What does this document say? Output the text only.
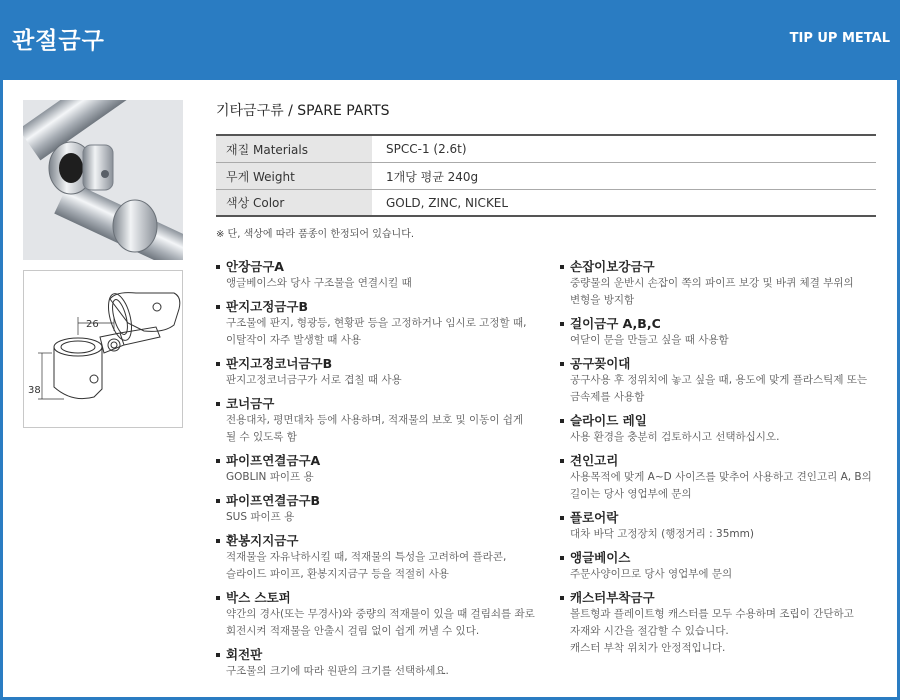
관절금구	TIP UP METAL
26
38
기타금구류 / SPARE PARTS
재질 Materials	SPCC-1 (2.6t)
무게 Weight	1개당 평균 240g
색상 Color	GOLD, ZINC, NICKEL
※ 단, 색상에 따라 품종이 한정되어 있습니다.
안장금구A
앵글베이스와 당사 구조물을 연결시킬 때
판지고정금구B
구조물에 판지, 형광등, 현황판 등을 고정하거나 임시로 고정할 때,
이탈작이 자주 발생할 때 사용
판지고정코너금구B
판지고정코너금구가 서로 겹칠 때 사용
코너금구
전용대차, 평면대차 등에 사용하며, 적재물의 보호 및 이동이 쉽게
될 수 있도록 함
파이프연결금구A
GOBLIN 파이프 용
파이프연결금구B
SUS 파이프 용
환봉지지금구
적재물을 자유낙하시킬 때, 적재물의 특성을 고려하여 플라콘,
슬라이드 파이프, 환봉지지금구 등을 적절히 사용
박스 스토퍼
약간의 경사(또는 무경사)와 중량의 적재물이 있을 때 걸림쇠를 좌로
회전시켜 적재물을 안출시 걸림 없이 쉽게 꺼낼 수 있다.
회전판
구조물의 크기에 따라 원판의 크기를 선택하세요.
손잡이보강금구
중량물의 운반시 손잡이 쪽의 파이프 보강 및 바퀴 체결 부위의
변형을 방지함
걸이금구 A,B,C
여닫이 문을 만들고 싶을 때 사용함
공구꽂이대
공구사용 후 정위치에 놓고 싶을 때, 용도에 맞게 플라스틱제 또는
금속제를 사용함
슬라이드 레일
사용 환경을 충분히 검토하시고 선택하십시오.
견인고리
사용목적에 맞게 A~D 사이즈를 맞추어 사용하고 견인고리 A, B의
길이는 당사 영업부에 문의
플로어락
대차 바닥 고정장치 (행정거리 : 35mm)
앵글베이스
주문사양이므로 당사 영업부에 문의
캐스터부착금구
볼트형과 플레이트형 캐스터를 모두 수용하며 조립이 간단하고
자재와 시간을 절감할 수 있습니다.
캐스터 부착 위치가 안정적입니다.
